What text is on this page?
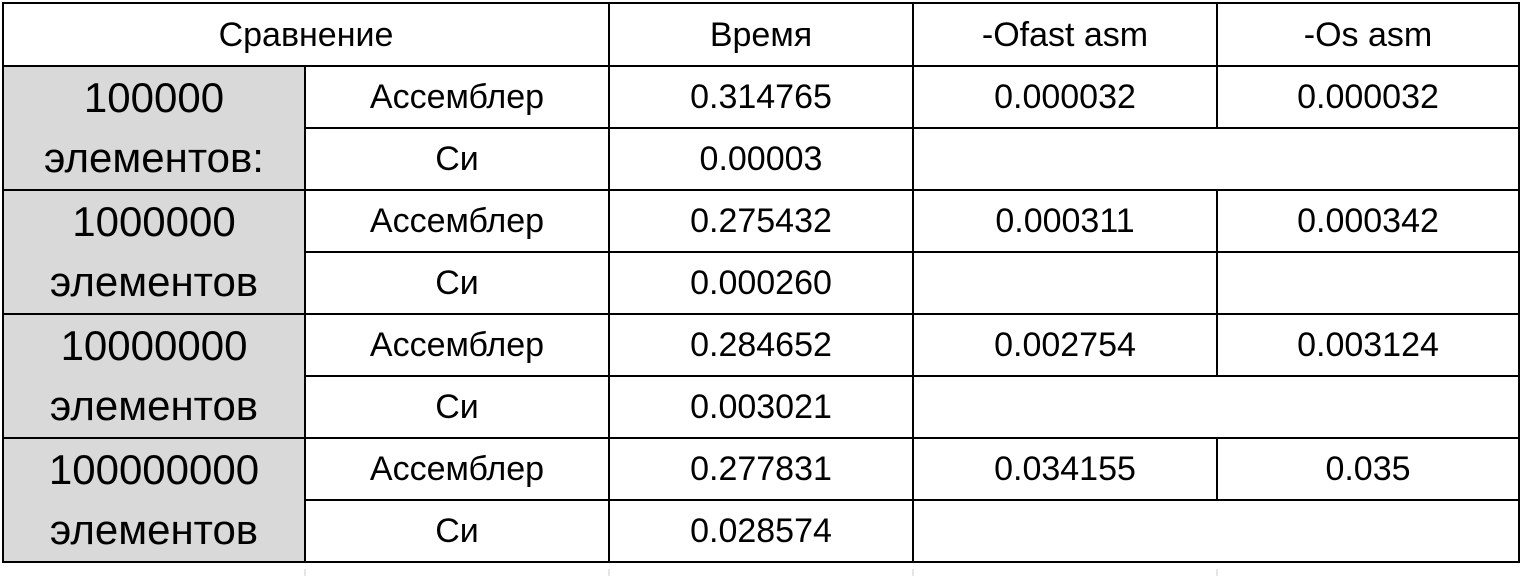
Сравнение		Время	-Ofast asm	-Os asm

100000
элементов:	Ассемблер	0.314765	0.000032	0.000032
	Си	0.00003		

1000000
элементов	Ассемблер	0.275432	0.000311	0.000342
	Си	0.000260		

10000000
элементов	Ассемблер	0.284652	0.002754	0.003124
	Си	0.003021		

100000000
элементов	Ассемблер	0.277831	0.034155	0.035
	Си	0.028574		
